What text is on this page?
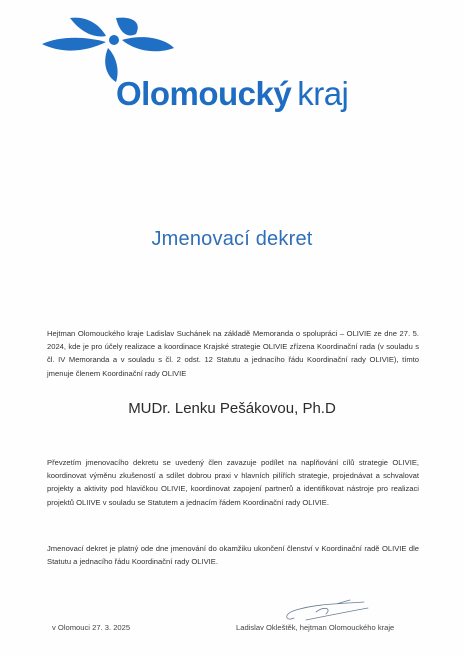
Olomoucký kraj
Jmenovací dekret

Hejtman Olomouckého kraje Ladislav Suchánek na základě Memoranda o spolupráci – OLIVIE ze dne 27. 5. 2024, kde je pro účely realizace a koordinace Krajské strategie OLIVIE zřízena Koordinační rada (v souladu s čl. IV Memoranda a v souladu s čl. 2 odst. 12 Statutu a jednacího řádu Koordinační rady OLIVIE), tímto jmenuje členem Koordinační rady OLIVIE

MUDr. Lenku Pešákovou, Ph.D

Převzetím jmenovacího dekretu se uvedený člen zavazuje podílet na naplňování cílů strategie OLIVIE, koordinovat výměnu zkušeností a sdílet dobrou praxi v hlavních pilířích strategie, projednávat a schvalovat projekty a aktivity pod hlavičkou OLIVIE, koordinovat zapojení partnerů a identifikovat nástroje pro realizaci projektů OLIIVE v souladu se Statutem a jednacím řádem Koordinační rady OLIVIE.

Jmenovací dekret je platný ode dne jmenování do okamžiku ukončení členství v Koordinační radě OLIVIE dle Statutu a jednacího řádu Koordinační rady OLIVIE.

v Olomouci 27. 3. 2025	Ladislav Okleštěk, hejtman Olomouckého kraje
